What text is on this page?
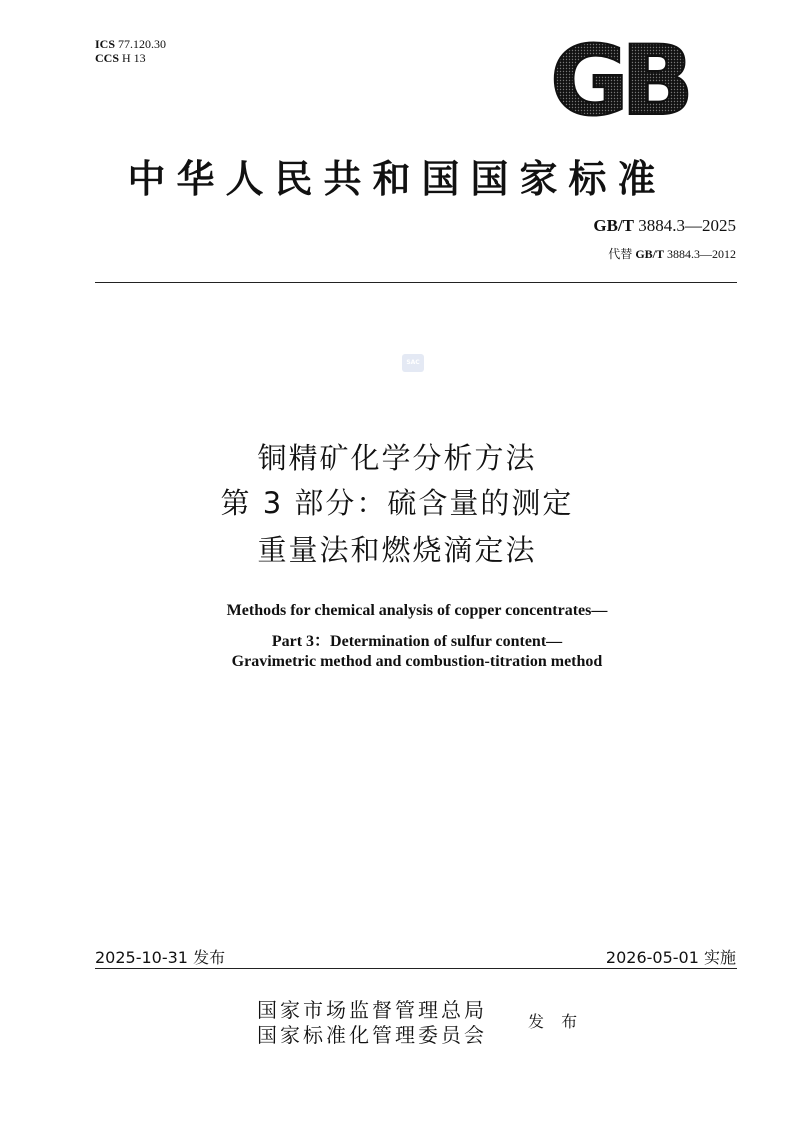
ICS 77.120.30
CCS H 13	GB
中华人民共和国国家标准
GB/T 3884.3—2025
代替 GB/T 3884.3—2012
SAC
铜精矿化学分析方法
第 3 部分：硫含量的测定
重量法和燃烧滴定法
Methods for chemical analysis of copper concentrates—
Part 3：Determination of sulfur content—
Gravimetric method and combustion-titration method
2025-10-31 发布	2026-05-01 实施
国家市场监督管理总局
国家标准化管理委员会
发 布
